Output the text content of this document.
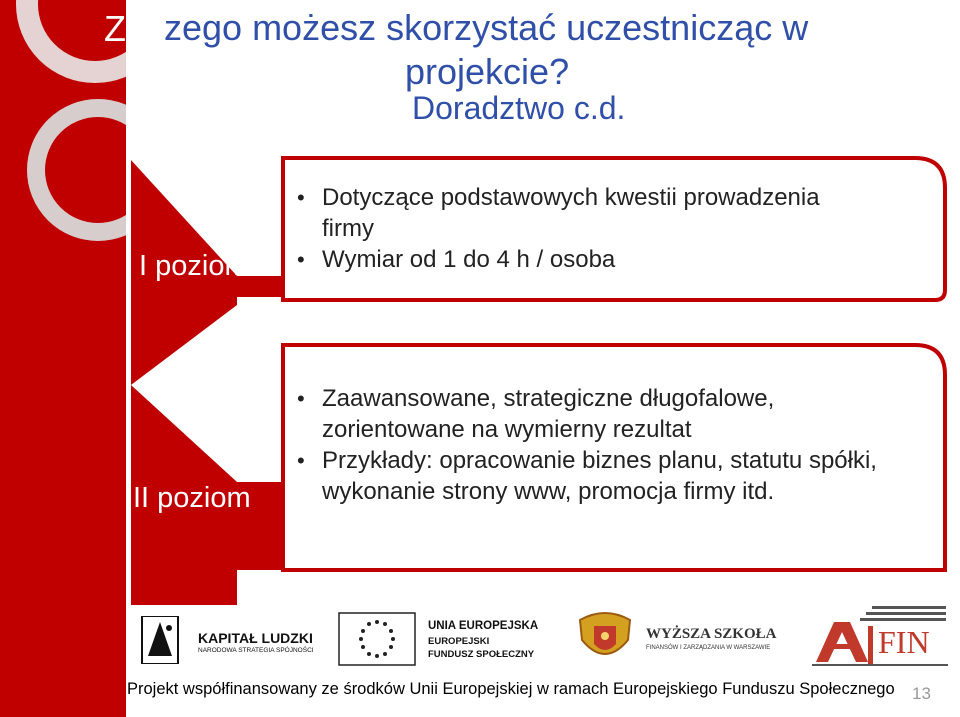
Z zego możesz skorzystać uczestnicząc w
projekcie?
Doradztwo c.d.
I poziom
• Dotyczące podstawowych kwestii prowadzenia firmy
• Wymiar od 1 do 4 h / osoba
II poziom
• Zaawansowane, strategiczne długofalowe, zorientowane na wymierny rezultat
• Przykłady: opracowanie biznes planu, statutu spółki, wykonanie strony www, promocja firmy itd.
KAPITAŁ LUDZKI
NARODOWA STRATEGIA SPÓJNOŚCI
UNIA EUROPEJSKA
EUROPEJSKI
FUNDUSZ SPOŁECZNY
WYŻSZA SZKOŁA
FINANSÓW I ZARZĄDZANIA W WARSZAWIE	FIN
Projekt współfinansowany ze środków Unii Europejskiej w ramach Europejskiego Funduszu Społecznego 13
